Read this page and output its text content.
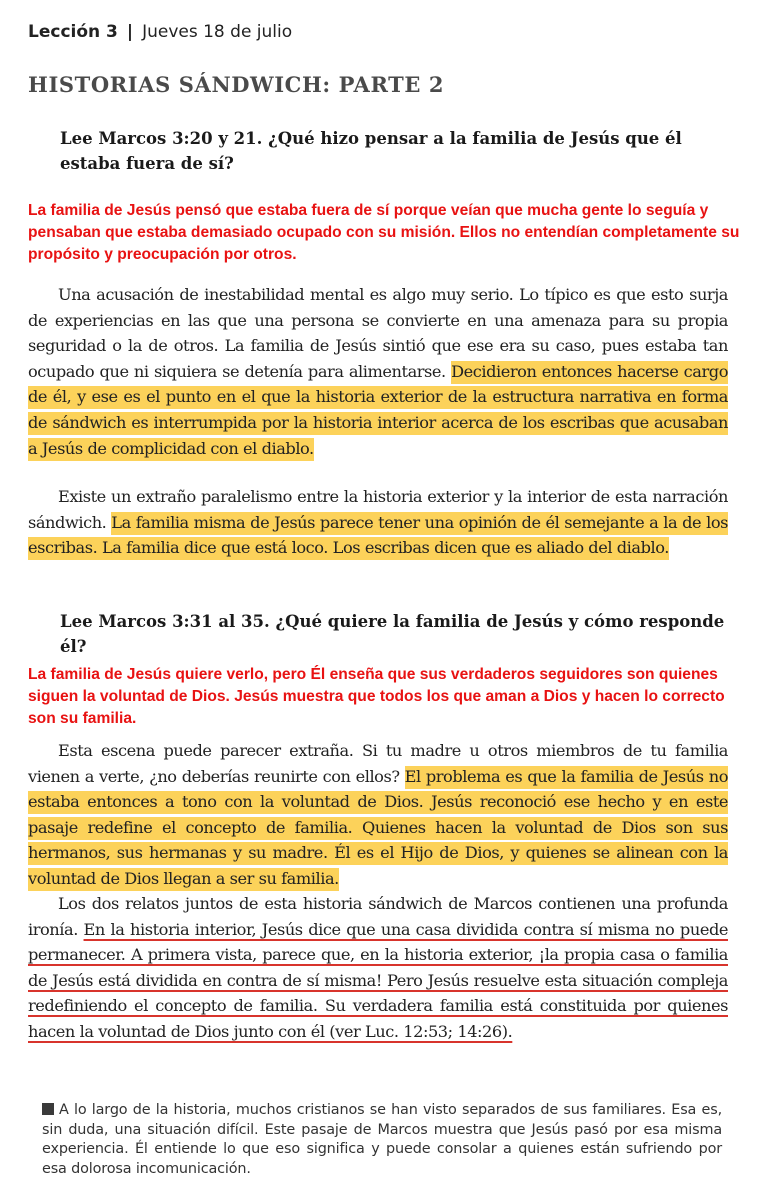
Lección 3 | Jueves 18 de julio
HISTORIAS SÁNDWICH: PARTE 2

Lee Marcos 3:20 y 21. ¿Qué hizo pensar a la familia de Jesús que él estaba fuera de sí?

La familia de Jesús pensó que estaba fuera de sí porque veían que mucha gente lo seguía y pensaban que estaba demasiado ocupado con su misión. Ellos no entendían completamente su propósito y preocupación por otros.

Una acusación de inestabilidad mental es algo muy serio. Lo típico es que esto surja de experiencias en las que una persona se convierte en una amenaza para su propia seguridad o la de otros. La familia de Jesús sintió que ese era su caso, pues estaba tan ocupado que ni siquiera se detenía para alimentarse. Decidieron entonces hacerse cargo de él, y ese es el punto en el que la historia exterior de la estructura narrativa en forma de sándwich es interrumpida por la historia interior acerca de los escribas que acusaban a Jesús de complicidad con el diablo.
Existe un extraño paralelismo entre la historia exterior y la interior de esta narración sándwich. La familia misma de Jesús parece tener una opinión de él semejante a la de los escribas. La familia dice que está loco. Los escribas dicen que es aliado del diablo.

Lee Marcos 3:31 al 35. ¿Qué quiere la familia de Jesús y cómo responde él?

La familia de Jesús quiere verlo, pero Él enseña que sus verdaderos seguidores son quienes siguen la voluntad de Dios. Jesús muestra que todos los que aman a Dios y hacen lo correcto son su familia.

Esta escena puede parecer extraña. Si tu madre u otros miembros de tu familia vienen a verte, ¿no deberías reunirte con ellos? El problema es que la familia de Jesús no estaba entonces a tono con la voluntad de Dios. Jesús reconoció ese hecho y en este pasaje redefine el concepto de familia. Quienes hacen la voluntad de Dios son sus hermanos, sus hermanas y su madre. Él es el Hijo de Dios, y quienes se alinean con la voluntad de Dios llegan a ser su familia.
Los dos relatos juntos de esta historia sándwich de Marcos contienen una profunda ironía. En la historia interior, Jesús dice que una casa dividida contra sí misma no puede permanecer. A primera vista, parece que, en la historia exterior, ¡la propia casa o familia de Jesús está dividida en contra de sí misma! Pero Jesús resuelve esta situación compleja redefiniendo el concepto de familia. Su verdadera familia está constituida por quienes hacen la voluntad de Dios junto con él (ver Luc. 12:53; 14:26).

A lo largo de la historia, muchos cristianos se han visto separados de sus familiares. Esa es, sin duda, una situación difícil. Este pasaje de Marcos muestra que Jesús pasó por esa misma experiencia. Él entiende lo que eso significa y puede consolar a quienes están sufriendo por esa dolorosa incomunicación.
